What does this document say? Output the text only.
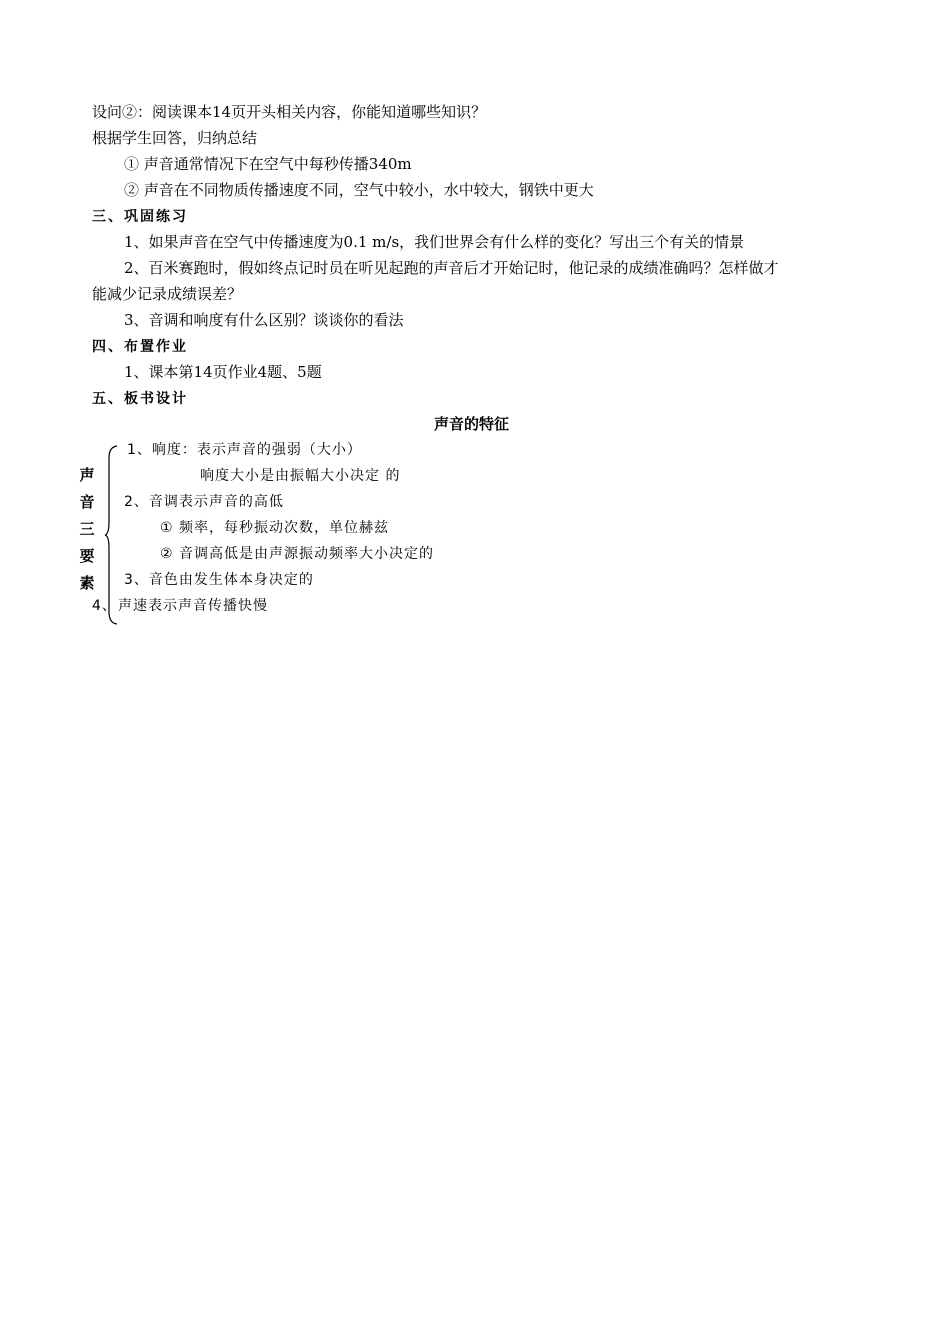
设问②：阅读课本14页开头相关内容，你能知道哪些知识？
根据学生回答，归纳总结
① 声音通常情况下在空气中每秒传播340m
② 声音在不同物质传播速度不同，空气中较小，水中较大，钢铁中更大
三、巩固练习
1、如果声音在空气中传播速度为0.1 m/s，我们世界会有什么样的变化？写出三个有关的情景
2、百米赛跑时，假如终点记时员在听见起跑的声音后才开始记时，他记录的成绩准确吗？怎样做才
能减少记录成绩误差？
3、音调和响度有什么区别？谈谈你的看法
四、布置作业
1、课本第14页作业4题、5题
五、板书设计
声音的特征
声
音
三
要
素
1、响度：表示声音的强弱（大小）
响度大小是由振幅大小决定 的
2、音调表示声音的高低
① 频率，每秒振动次数，单位赫兹
② 音调高低是由声源振动频率大小决定的
3、音色由发生体本身决定的
4、 声速表示声音传播快慢
